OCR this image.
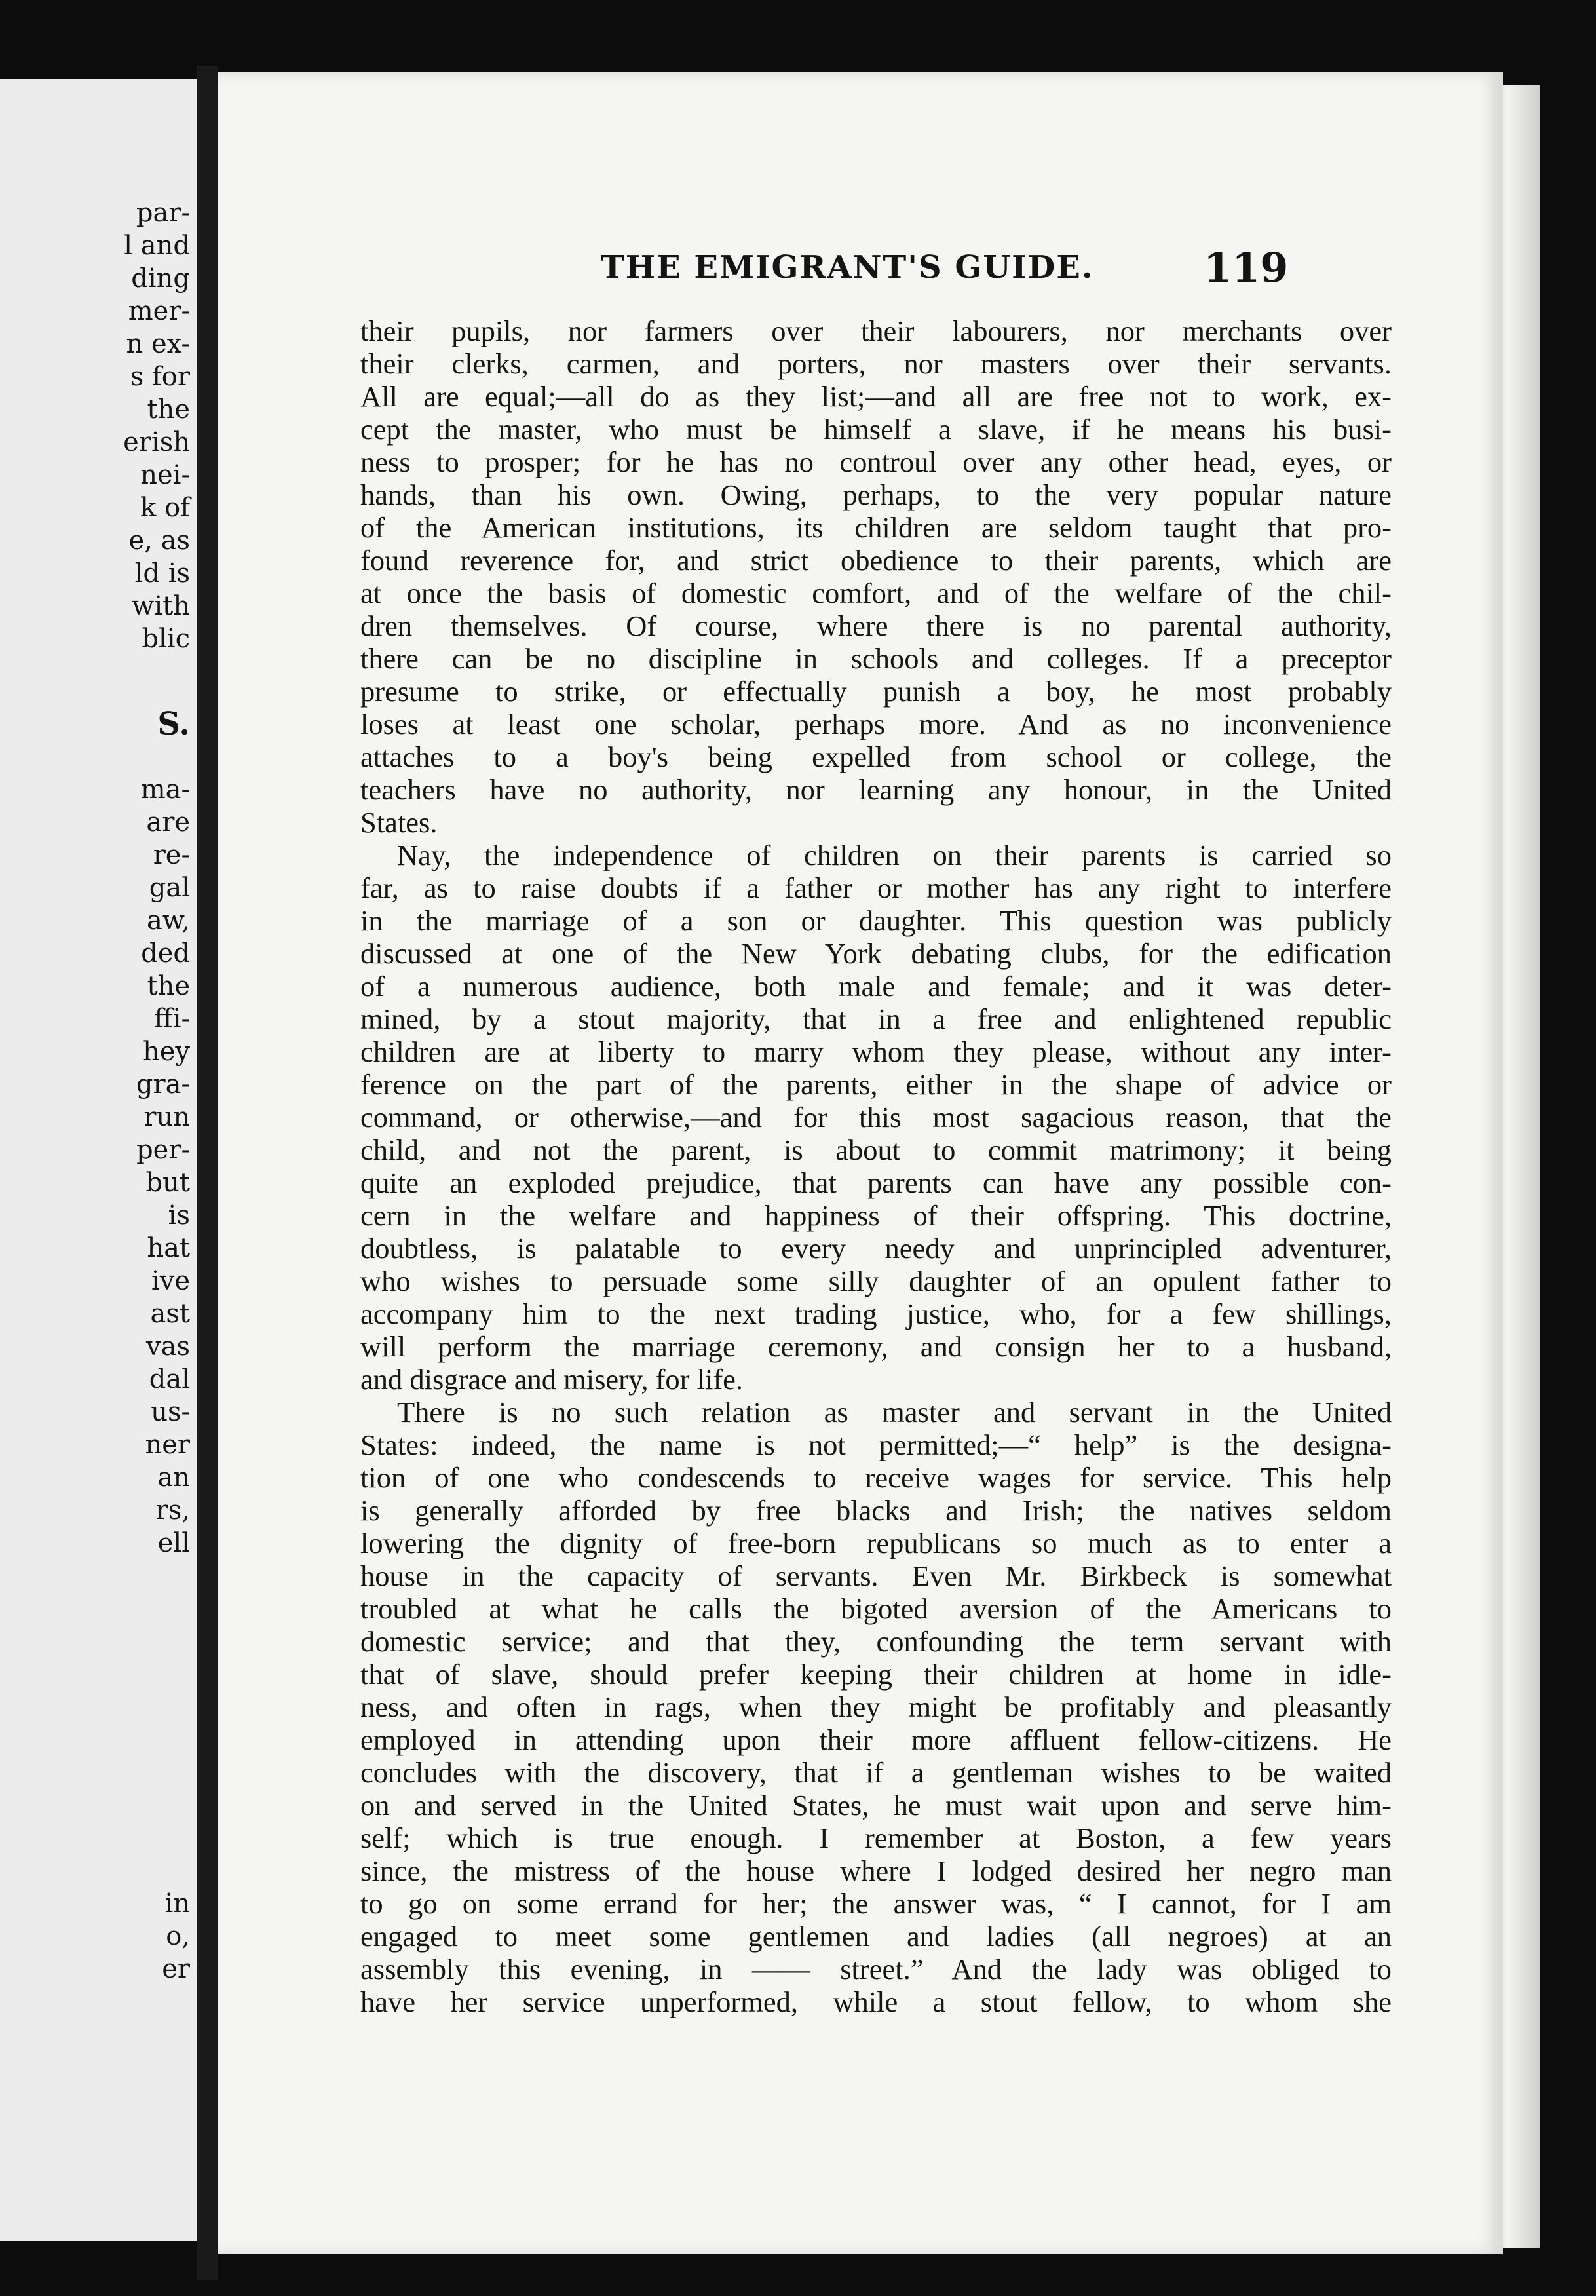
par-
l and
ding
mer-
n ex-
s for
the
erish
nei-
k of
e, as
ld is
with
blic
S.
ma-
are
re-
gal
aw,
ded
the
ffi-
hey
gra-
run
per-
but
is
hat
ive
ast
vas
dal
us-
ner
an
rs,
ell
in
o,
er
THE EMIGRANT'S GUIDE.	119

their pupils, nor farmers over their labourers, nor merchants over

their clerks, carmen, and porters, nor masters over their servants.

All are equal;—all do as they list;—and all are free not to work, ex-

cept the master, who must be himself a slave, if he means his busi-

ness to prosper; for he has no controul over any other head, eyes, or

hands, than his own. Owing, perhaps, to the very popular nature

of the American institutions, its children are seldom taught that pro-

found reverence for, and strict obedience to their parents, which are

at once the basis of domestic comfort, and of the welfare of the chil-

dren themselves. Of course, where there is no parental authority,

there can be no discipline in schools and colleges. If a preceptor

presume to strike, or effectually punish a boy, he most probably

loses at least one scholar, perhaps more. And as no inconvenience

attaches to a boy's being expelled from school or college, the

teachers have no authority, nor learning any honour, in the United

States.

Nay, the independence of children on their parents is carried so

far, as to raise doubts if a father or mother has any right to interfere

in the marriage of a son or daughter. This question was publicly

discussed at one of the New York debating clubs, for the edification

of a numerous audience, both male and female; and it was deter-

mined, by a stout majority, that in a free and enlightened republic

children are at liberty to marry whom they please, without any inter-

ference on the part of the parents, either in the shape of advice or

command, or otherwise,—and for this most sagacious reason, that the

child, and not the parent, is about to commit matrimony; it being

quite an exploded prejudice, that parents can have any possible con-

cern in the welfare and happiness of their offspring. This doctrine,

doubtless, is palatable to every needy and unprincipled adventurer,

who wishes to persuade some silly daughter of an opulent father to

accompany him to the next trading justice, who, for a few shillings,

will perform the marriage ceremony, and consign her to a husband,

and disgrace and misery, for life.

There is no such relation as master and servant in the United

States: indeed, the name is not permitted;—“ help” is the designa-

tion of one who condescends to receive wages for service. This help

is generally afforded by free blacks and Irish; the natives seldom

lowering the dignity of free-born republicans so much as to enter a

house in the capacity of servants. Even Mr. Birkbeck is somewhat

troubled at what he calls the bigoted aversion of the Americans to

domestic service; and that they, confounding the term servant with

that of slave, should prefer keeping their children at home in idle-

ness, and often in rags, when they might be profitably and pleasantly

employed in attending upon their more affluent fellow-citizens. He

concludes with the discovery, that if a gentleman wishes to be waited

on and served in the United States, he must wait upon and serve him-

self; which is true enough. I remember at Boston, a few years

since, the mistress of the house where I lodged desired her negro man

to go on some errand for her; the answer was, “ I cannot, for I am

engaged to meet some gentlemen and ladies (all negroes) at an

assembly this evening, in —— street.” And the lady was obliged to

have her service unperformed, while a stout fellow, to whom she
